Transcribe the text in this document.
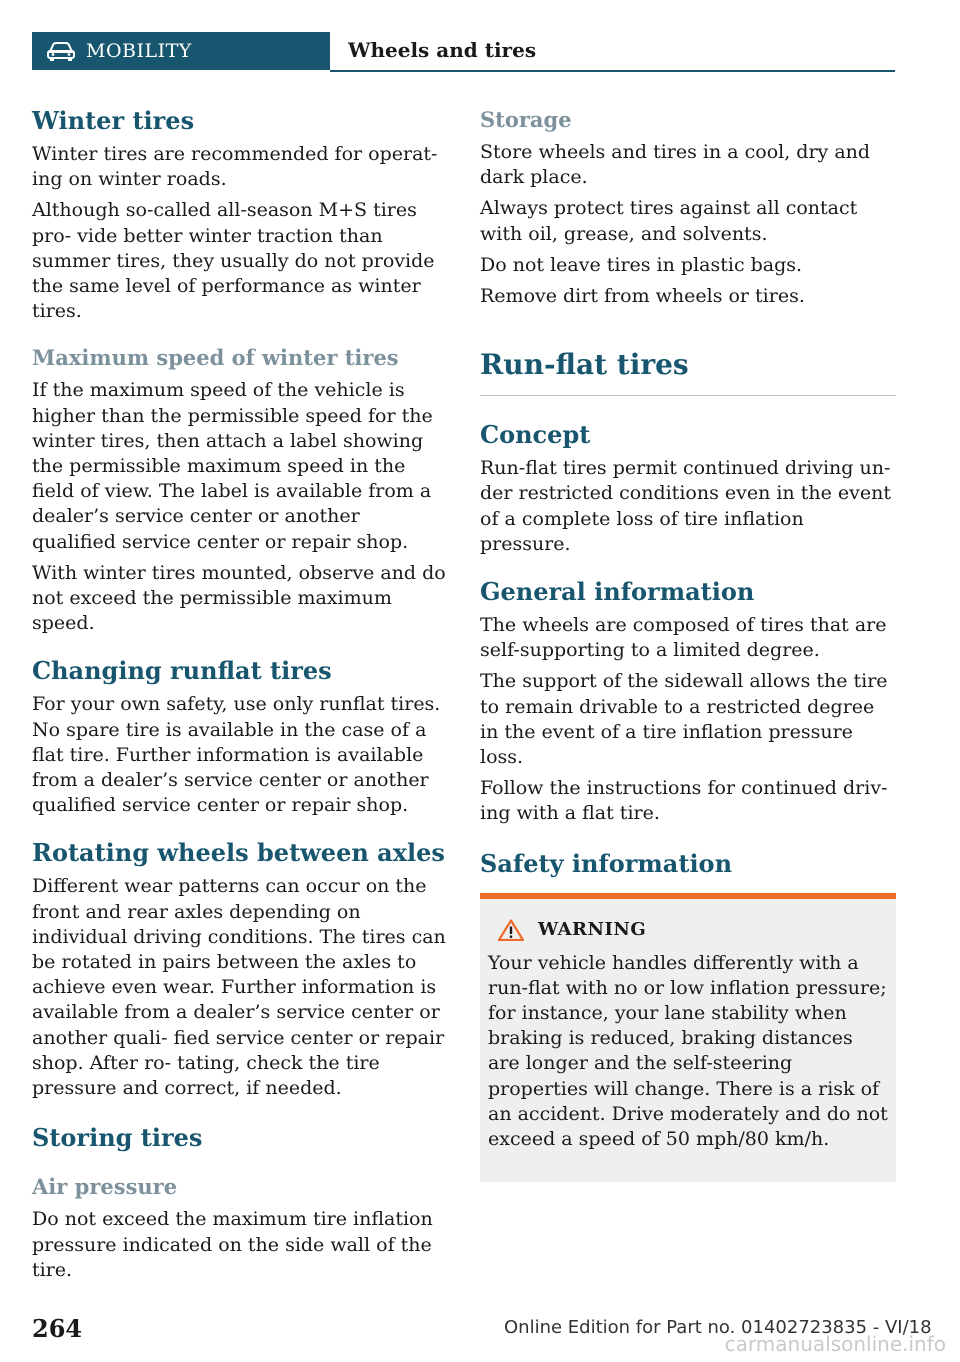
MOBILITY	Wheels and tires
Winter tires

Winter tires are recommended for operat‐ ing on winter roads.

Although so-called all-season M+S tires pro‐ vide better winter traction than summer tires, they usually do not provide the same level of performance as winter tires.

Maximum speed of winter tires

If the maximum speed of the vehicle is higher than the permissible speed for the winter tires, then attach a label showing the permissible maximum speed in the field of view. The label is available from a dealer’s service center or another qualified service center or repair shop.

With winter tires mounted, observe and do not exceed the permissible maximum speed.

Changing runflat tires

For your own safety, use only runflat tires. No spare tire is available in the case of a flat tire. Further information is available from a dealer’s service center or another qualified service center or repair shop.

Rotating wheels between axles

Different wear patterns can occur on the front and rear axles depending on individual driving conditions. The tires can be rotated in pairs between the axles to achieve even wear. Further information is available from a dealer’s service center or another quali‐ fied service center or repair shop. After ro‐ tating, check the tire pressure and correct, if needed.

Storing tires
Air pressure

Do not exceed the maximum tire inflation pressure indicated on the side wall of the tire.

Storage

Store wheels and tires in a cool, dry and dark place.

Always protect tires against all contact with oil, grease, and solvents.

Do not leave tires in plastic bags.

Remove dirt from wheels or tires.

Run-flat tires
Concept

Run-flat tires permit continued driving un‐ der restricted conditions even in the event of a complete loss of tire inflation pressure.

General information

The wheels are composed of tires that are self-supporting to a limited degree.

The support of the sidewall allows the tire to remain drivable to a restricted degree in the event of a tire inflation pressure loss.

Follow the instructions for continued driv‐ ing with a flat tire.

Safety information
WARNING

Your vehicle handles differently with a run-flat with no or low inflation pressure; for instance, your lane stability when braking is reduced, braking distances are longer and the self-steering properties will change. There is a risk of an accident. Drive moderately and do not exceed a speed of 50 mph/80 km/h.

264	Online Edition for Part no. 01402723835 - VI/18
carmanualsonline.info
